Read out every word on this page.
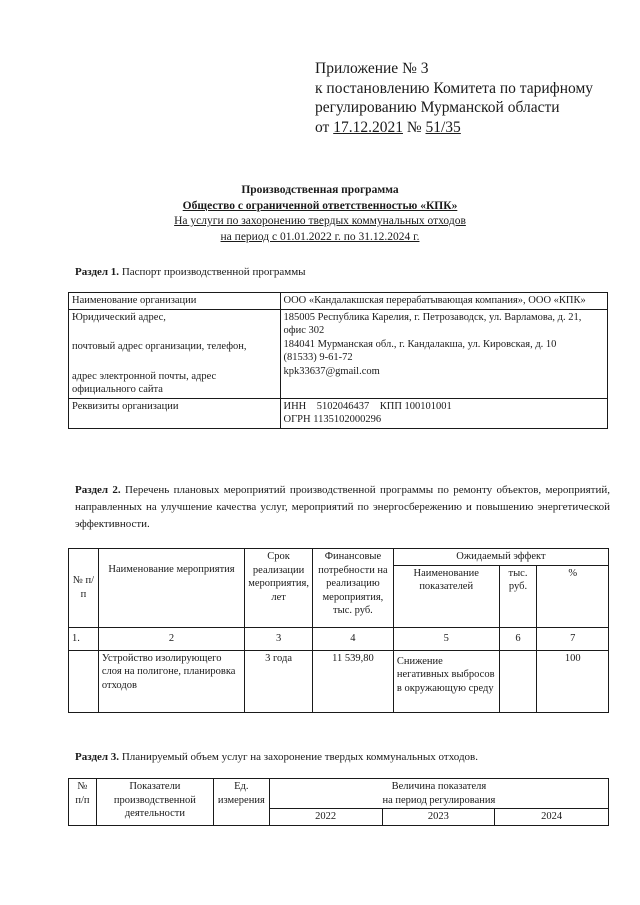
Приложение № 3
к постановлению Комитета по тарифному
регулированию Мурманской области
от 17.12.2021 № 51/35
Производственная программа
Общество с ограниченной ответственностью «КПК»
На услуги по захоронению твердых коммунальных отходов
на период с 01.01.2022 г. по 31.12.2024 г.
Раздел 1. Паспорт производственной программы
Наименование организации	ООО «Кандалакшская перерабатывающая компания», ООО «КПК»

Юридический адрес,
почтовый адрес организации, телефон,
адрес электронной почты, адрес официального сайта	185005 Республика Карелия, г. Петрозаводск, ул. Варламова, д. 21, офис 302
184041 Мурманская обл., г. Кандалакша, ул. Кировская, д. 10
(81533) 9-61-72
kpk33637@gmail.com

Реквизиты организации	ИНН    5102046437    КПП 100101001
ОГРН 1135102000296
Раздел 2. Перечень плановых мероприятий производственной программы по ремонту объектов, мероприятий, направленных на улучшение качества услуг, мероприятий по энергосбережению и повышению энергетической эффективности.
№ п/п	Наименование мероприятия	Срок реализации мероприятия, лет	Финансовые потребности на реализацию мероприятия, тыс. руб.	Ожидаемый эффект		
				Наименование показателей	тыс. руб.	%
1.	2	3	4	5	6	7
	Устройство изолирующего слоя на полигоне, планировка отходов	3 года	11 539,80	Снижение негативных выбросов в окружающую среду		100
Раздел 3. Планируемый объем услуг на захоронение твердых коммунальных отходов.
№ п/п	Показатели производственной деятельности	Ед. измерения	Величина показателя
на период регулирования		

			2022	2023	2024
